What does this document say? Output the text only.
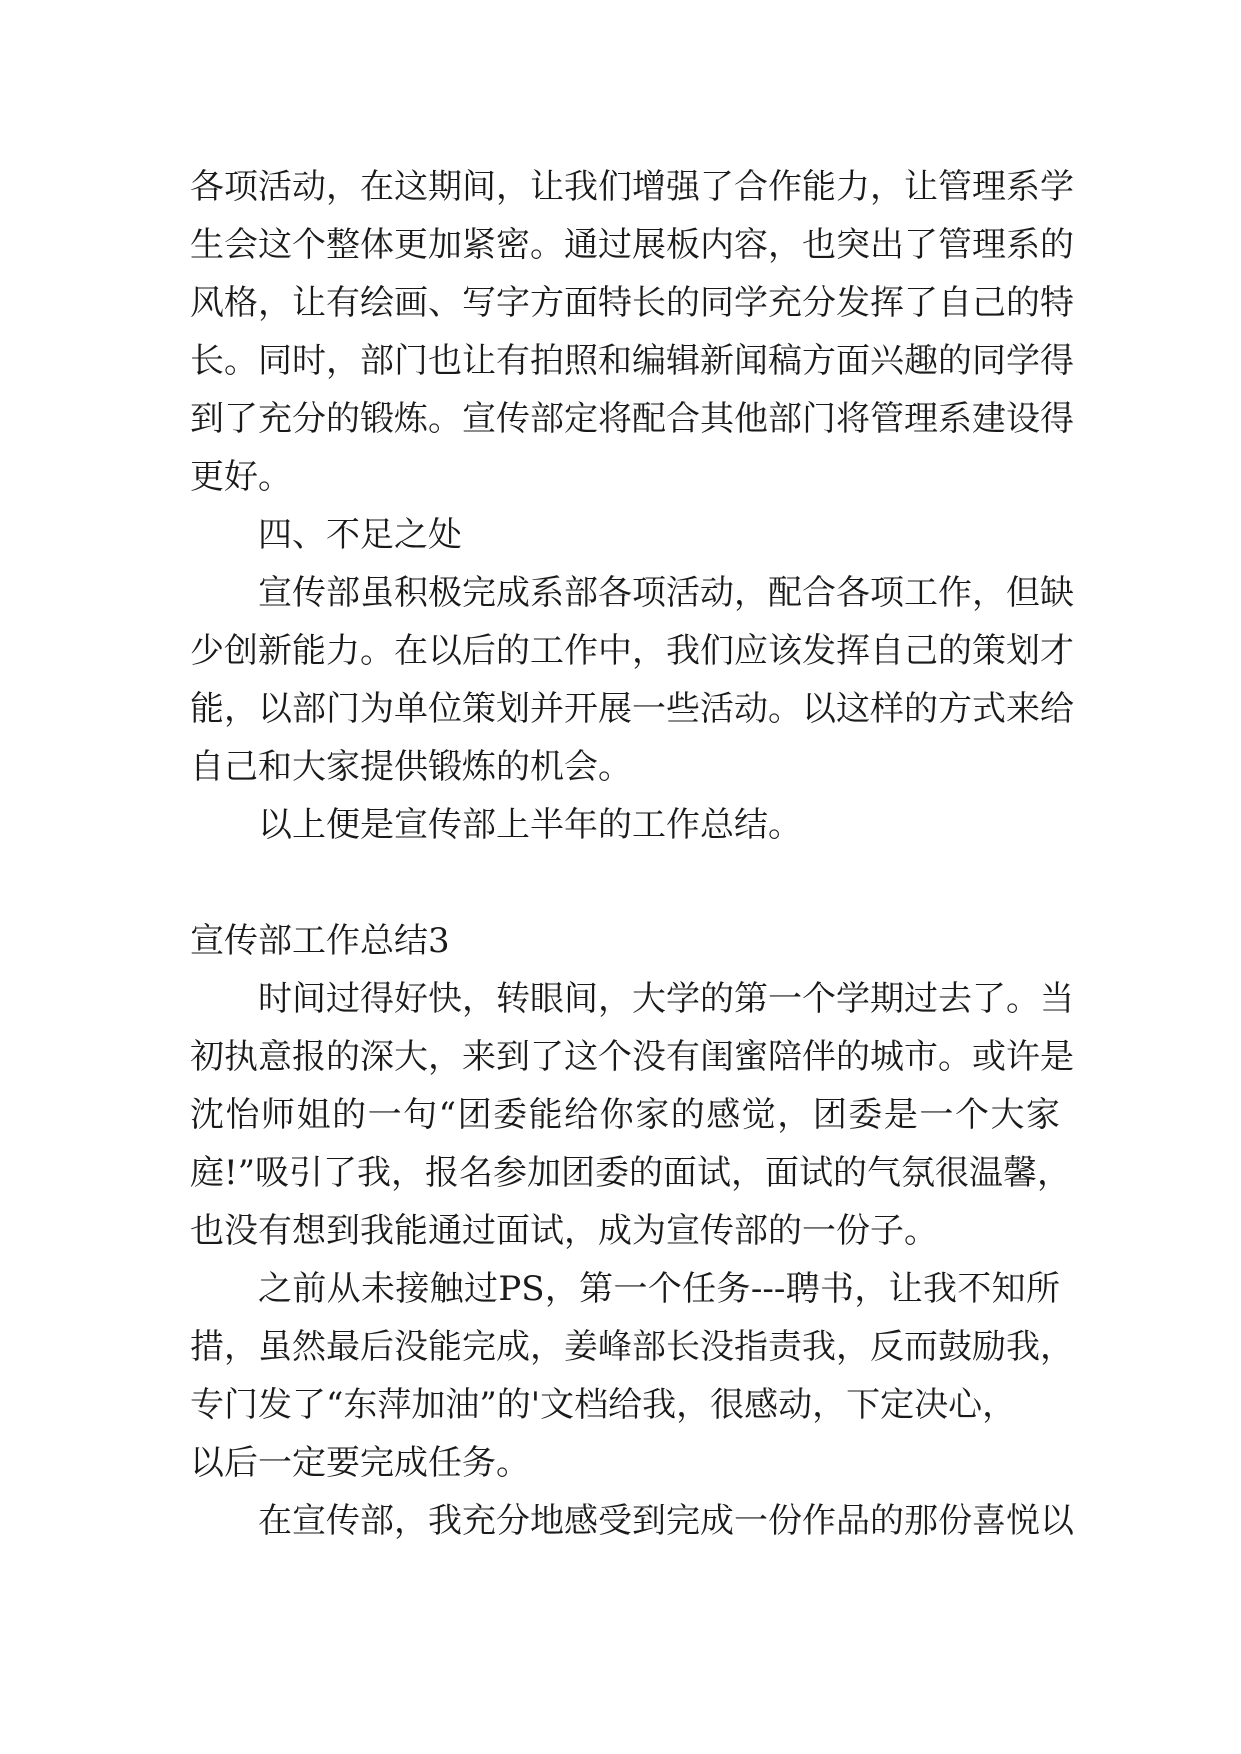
各项活动，在这期间，让我们增强了合作能力，让管理系学
生会这个整体更加紧密。通过展板内容，也突出了管理系的
风格，让有绘画、写字方面特长的同学充分发挥了自己的特
长。同时，部门也让有拍照和编辑新闻稿方面兴趣的同学得
到了充分的锻炼。宣传部定将配合其他部门将管理系建设得
更好。
四、不足之处
宣传部虽积极完成系部各项活动，配合各项工作，但缺
少创新能力。在以后的工作中，我们应该发挥自己的策划才
能，以部门为单位策划并开展一些活动。以这样的方式来给
自己和大家提供锻炼的机会。
以上便是宣传部上半年的工作总结。
宣传部工作总结3
时间过得好快，转眼间，大学的第一个学期过去了。当
初执意报的深大，来到了这个没有闺蜜陪伴的城市。或许是
沈怡师姐的一句“团委能给你家的感觉，团委是一个大家
庭!”吸引了我，报名参加团委的面试，面试的气氛很温馨，
也没有想到我能通过面试，成为宣传部的一份子。
之前从未接触过PS，第一个任务---聘书，让我不知所
措，虽然最后没能完成，姜峰部长没指责我，反而鼓励我，
专门发了“东萍加油”的'文档给我，很感动，下定决心，
以后一定要完成任务。
在宣传部，我充分地感受到完成一份作品的那份喜悦以
